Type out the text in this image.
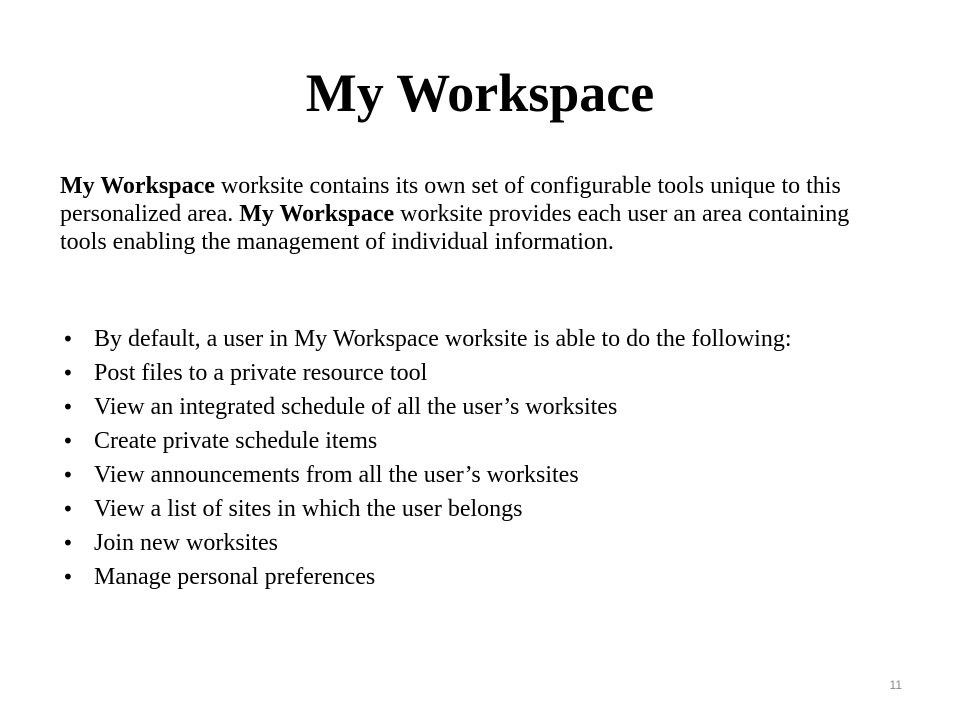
My Workspace

My Workspace worksite contains its own set of configurable tools unique to this personalized area. My Workspace worksite provides each user an area containing tools enabling the management of individual information.

• By default, a user in My Workspace worksite is able to do the following:
• Post files to a private resource tool
• View an integrated schedule of all the user’s worksites
• Create private schedule items
• View announcements from all the user’s worksites
• View a list of sites in which the user belongs
• Join new worksites
• Manage personal preferences
11
